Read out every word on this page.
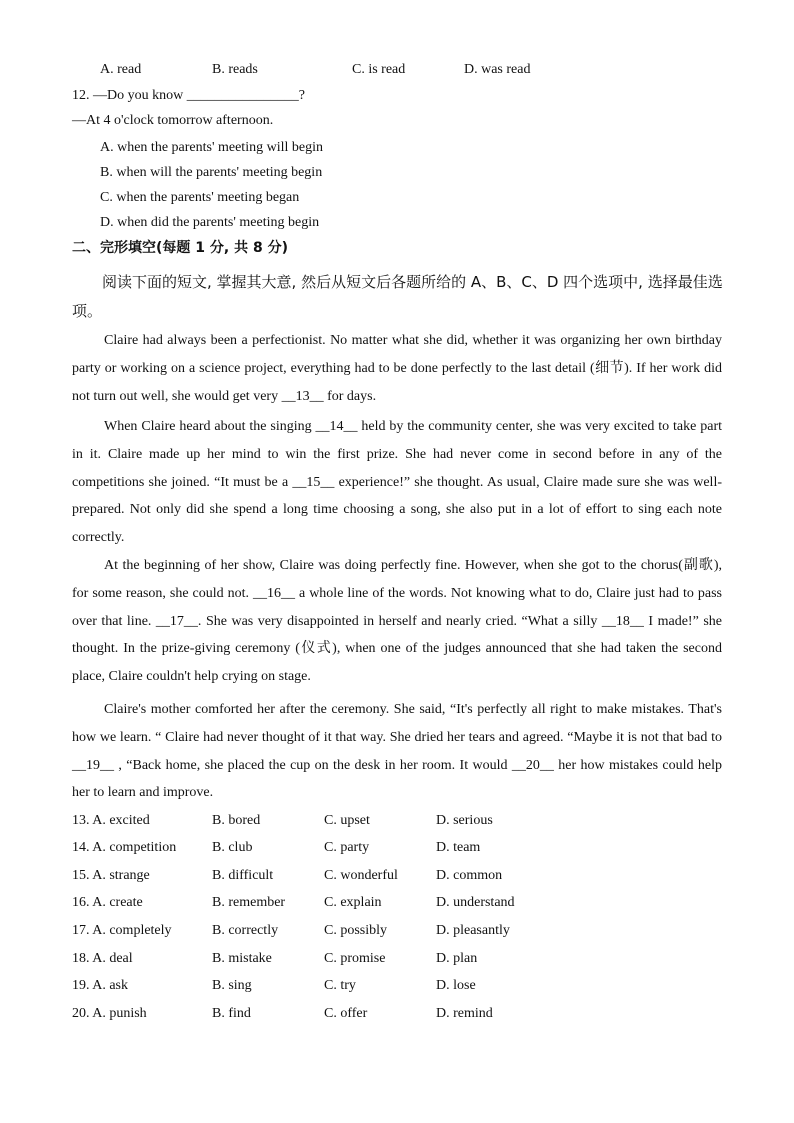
A. read	B. reads	C. is read	D. was read
12. —Do you know ________________?
—At 4 o'clock tomorrow afternoon.
A. when the parents' meeting will begin
B. when will the parents' meeting begin
C. when the parents' meeting began
D. when did the parents' meeting begin
二、完形填空(每题 1 分, 共 8 分)
阅读下面的短文, 掌握其大意, 然后从短文后各题所给的 A、B、C、D 四个选项中, 选择最佳选项。
Claire had always been a perfectionist. No matter what she did, whether it was organizing her own birthday party or working on a science project, everything had to be done perfectly to the last detail (细节). If her work did not turn out well, she would get very __13__ for days.
When Claire heard about the singing __14__ held by the community center, she was very excited to take part in it. Claire made up her mind to win the first prize. She had never come in second before in any of the competitions she joined. “It must be a __15__ experience!” she thought. As usual, Claire made sure she was well-prepared. Not only did she spend a long time choosing a song, she also put in a lot of effort to sing each note correctly.
At the beginning of her show, Claire was doing perfectly fine. However, when she got to the chorus(副歌), for some reason, she could not. __16__ a whole line of the words. Not knowing what to do, Claire just had to pass over that line. __17__. She was very disappointed in herself and nearly cried. “What a silly __18__ I made!” she thought. In the prize-giving ceremony (仪式), when one of the judges announced that she had taken the second place, Claire couldn't help crying on stage.
Claire's mother comforted her after the ceremony. She said, “It's perfectly all right to make mistakes. That's how we learn. “ Claire had never thought of it that way. She dried her tears and agreed. “Maybe it is not that bad to __19__ , “Back home, she placed the cup on the desk in her room. It would __20__ her how mistakes could help her to learn and improve.
13. A. excited	B. bored	C. upset	D. serious
14. A. competition	B. club	C. party	D. team
15. A. strange	B. difficult	C. wonderful	D. common
16. A. create	B. remember	C. explain	D. understand
17. A. completely	B. correctly	C. possibly	D. pleasantly
18. A. deal	B. mistake	C. promise	D. plan
19. A. ask	B. sing	C. try	D. lose
20. A. punish	B. find	C. offer	D. remind
